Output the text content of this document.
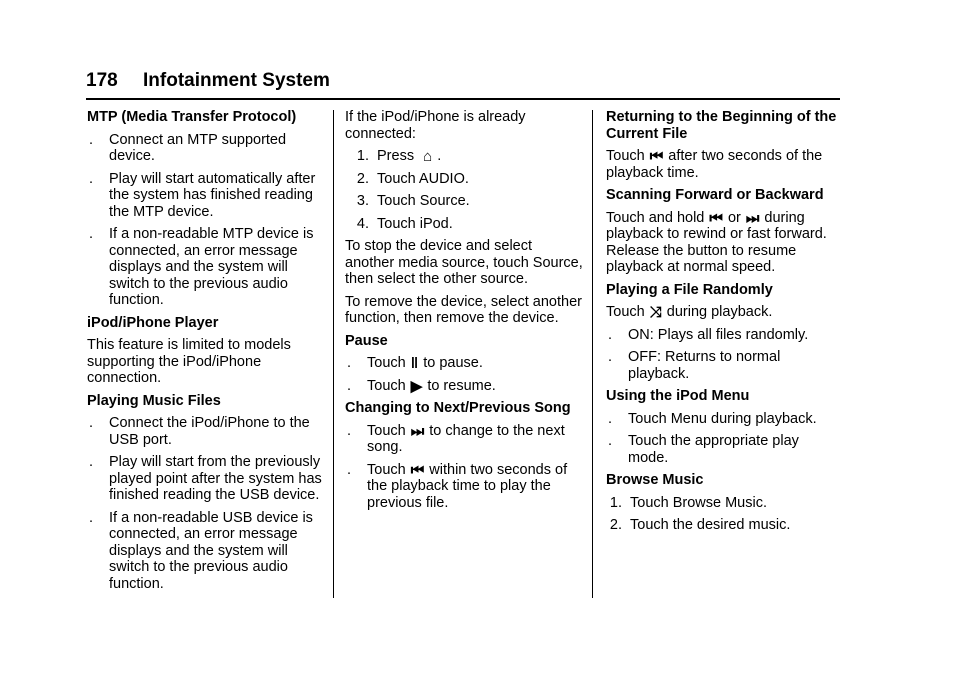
178 Infotainment System
MTP (Media Transfer Protocol)
.	Connect an MTP supported device.
.	Play will start automatically after the system has finished reading the MTP device.
.	If a non-readable MTP device is connected, an error message displays and the system will switch to the previous audio function.
iPod/iPhone Player

This feature is limited to models supporting the iPod/iPhone connection.

Playing Music Files
.	Connect the iPod/iPhone to the USB port.
.	Play will start from the previously played point after the system has finished reading the USB device.
.	If a non-readable USB device is connected, an error message displays and the system will switch to the previous audio function.

If the iPod/iPhone is already connected:

1. Press ⌂ .
2. Touch AUDIO.
3. Touch Source.
4. Touch iPod.

To stop the device and select another media source, touch Source, then select the other source.

To remove the device, select another function, then remove the device.

Pause
.	Touch ‖ to pause.
.	Touch ▶ to resume.
Changing to Next/Previous Song
.	Touch ⏭ to change to the next song.
.	Touch ⏮ within two seconds of the playback time to play the previous file.
Returning to the Beginning of the Current File

Touch ⏮ after two seconds of the playback time.

Scanning Forward or Backward

Touch and hold ⏮ or ⏭ during playback to rewind or fast forward. Release the button to resume playback at normal speed.

Playing a File Randomly

Touch ⤨ during playback.

.	ON: Plays all files randomly.
.	OFF: Returns to normal playback.
Using the iPod Menu
.	Touch Menu during playback.
.	Touch the appropriate play mode.
Browse Music
1. Touch Browse Music.
2. Touch the desired music.
